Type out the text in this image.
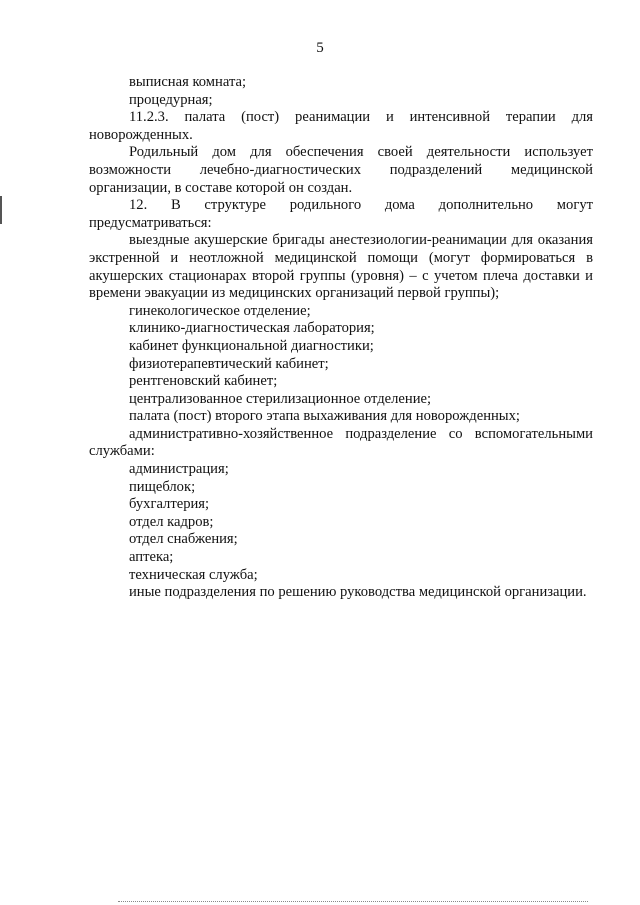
5

выписная комната;

процедурная;

11.2.3. палата (пост) реанимации и интенсивной терапии для новорожденных.

Родильный дом для обеспечения своей деятельности использует возможности лечебно-диагностических подразделений медицинской организации, в составе которой он создан.

12. В структуре родильного дома дополнительно могут предусматриваться:

выездные акушерские бригады анестезиологии-реанимации для оказания экстренной и неотложной медицинской помощи (могут формироваться в акушерских стационарах второй группы (уровня) – с учетом плеча доставки и времени эвакуации из медицинских организаций первой группы);

гинекологическое отделение;

клинико-диагностическая лаборатория;

кабинет функциональной диагностики;

физиотерапевтический кабинет;

рентгеновский кабинет;

централизованное стерилизационное отделение;

палата (пост) второго этапа выхаживания для новорожденных;

административно-хозяйственное подразделение со вспомогательными службами:

администрация;

пищеблок;

бухгалтерия;

отдел кадров;

отдел снабжения;

аптека;

техническая служба;

иные подразделения по решению руководства медицинской организации.
